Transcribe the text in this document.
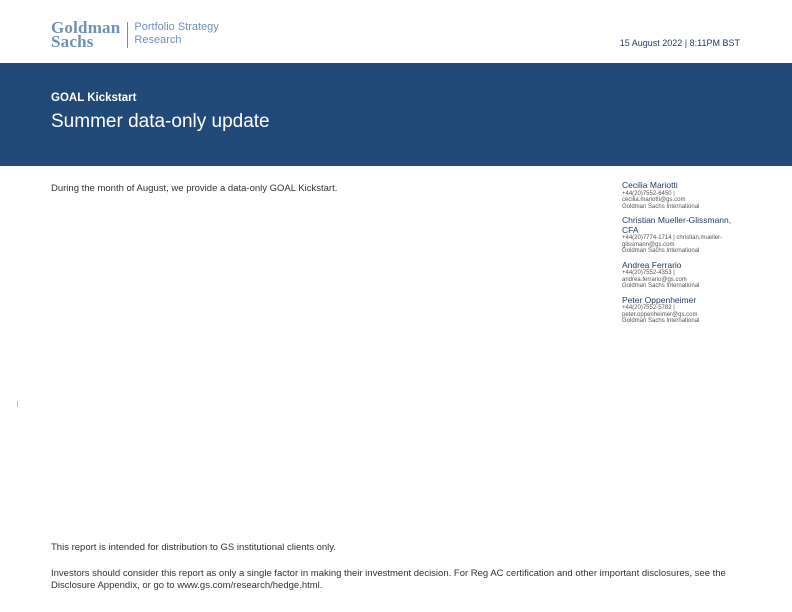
Goldman
Sachs
Portfolio Strategy
Research	15 August 2022 | 8:11PM BST
GOAL Kickstart
Summer data-only update
During the month of August, we provide a data-only GOAL Kickstart.	Cecilia Mariotti
+44(20)7552-6450 |
cecilia.mariotti@gs.com
Goldman Sachs International
Christian Mueller-Glissmann, CFA
+44(20)7774-1714 | christian.mueller-
glissmann@gs.com
Goldman Sachs International
Andrea Ferrario
+44(20)7552-4353 |
andrea.ferrario@gs.com
Goldman Sachs International
Peter Oppenheimer
+44(20)7552-5782 |
peter.oppenheimer@gs.com
Goldman Sachs International
This report is intended for distribution to GS institutional clients only.
Investors should consider this report as only a single factor in making their investment decision. For Reg AC certification and other important disclosures, see the Disclosure Appendix, or go to www.gs.com/research/hedge.html.
